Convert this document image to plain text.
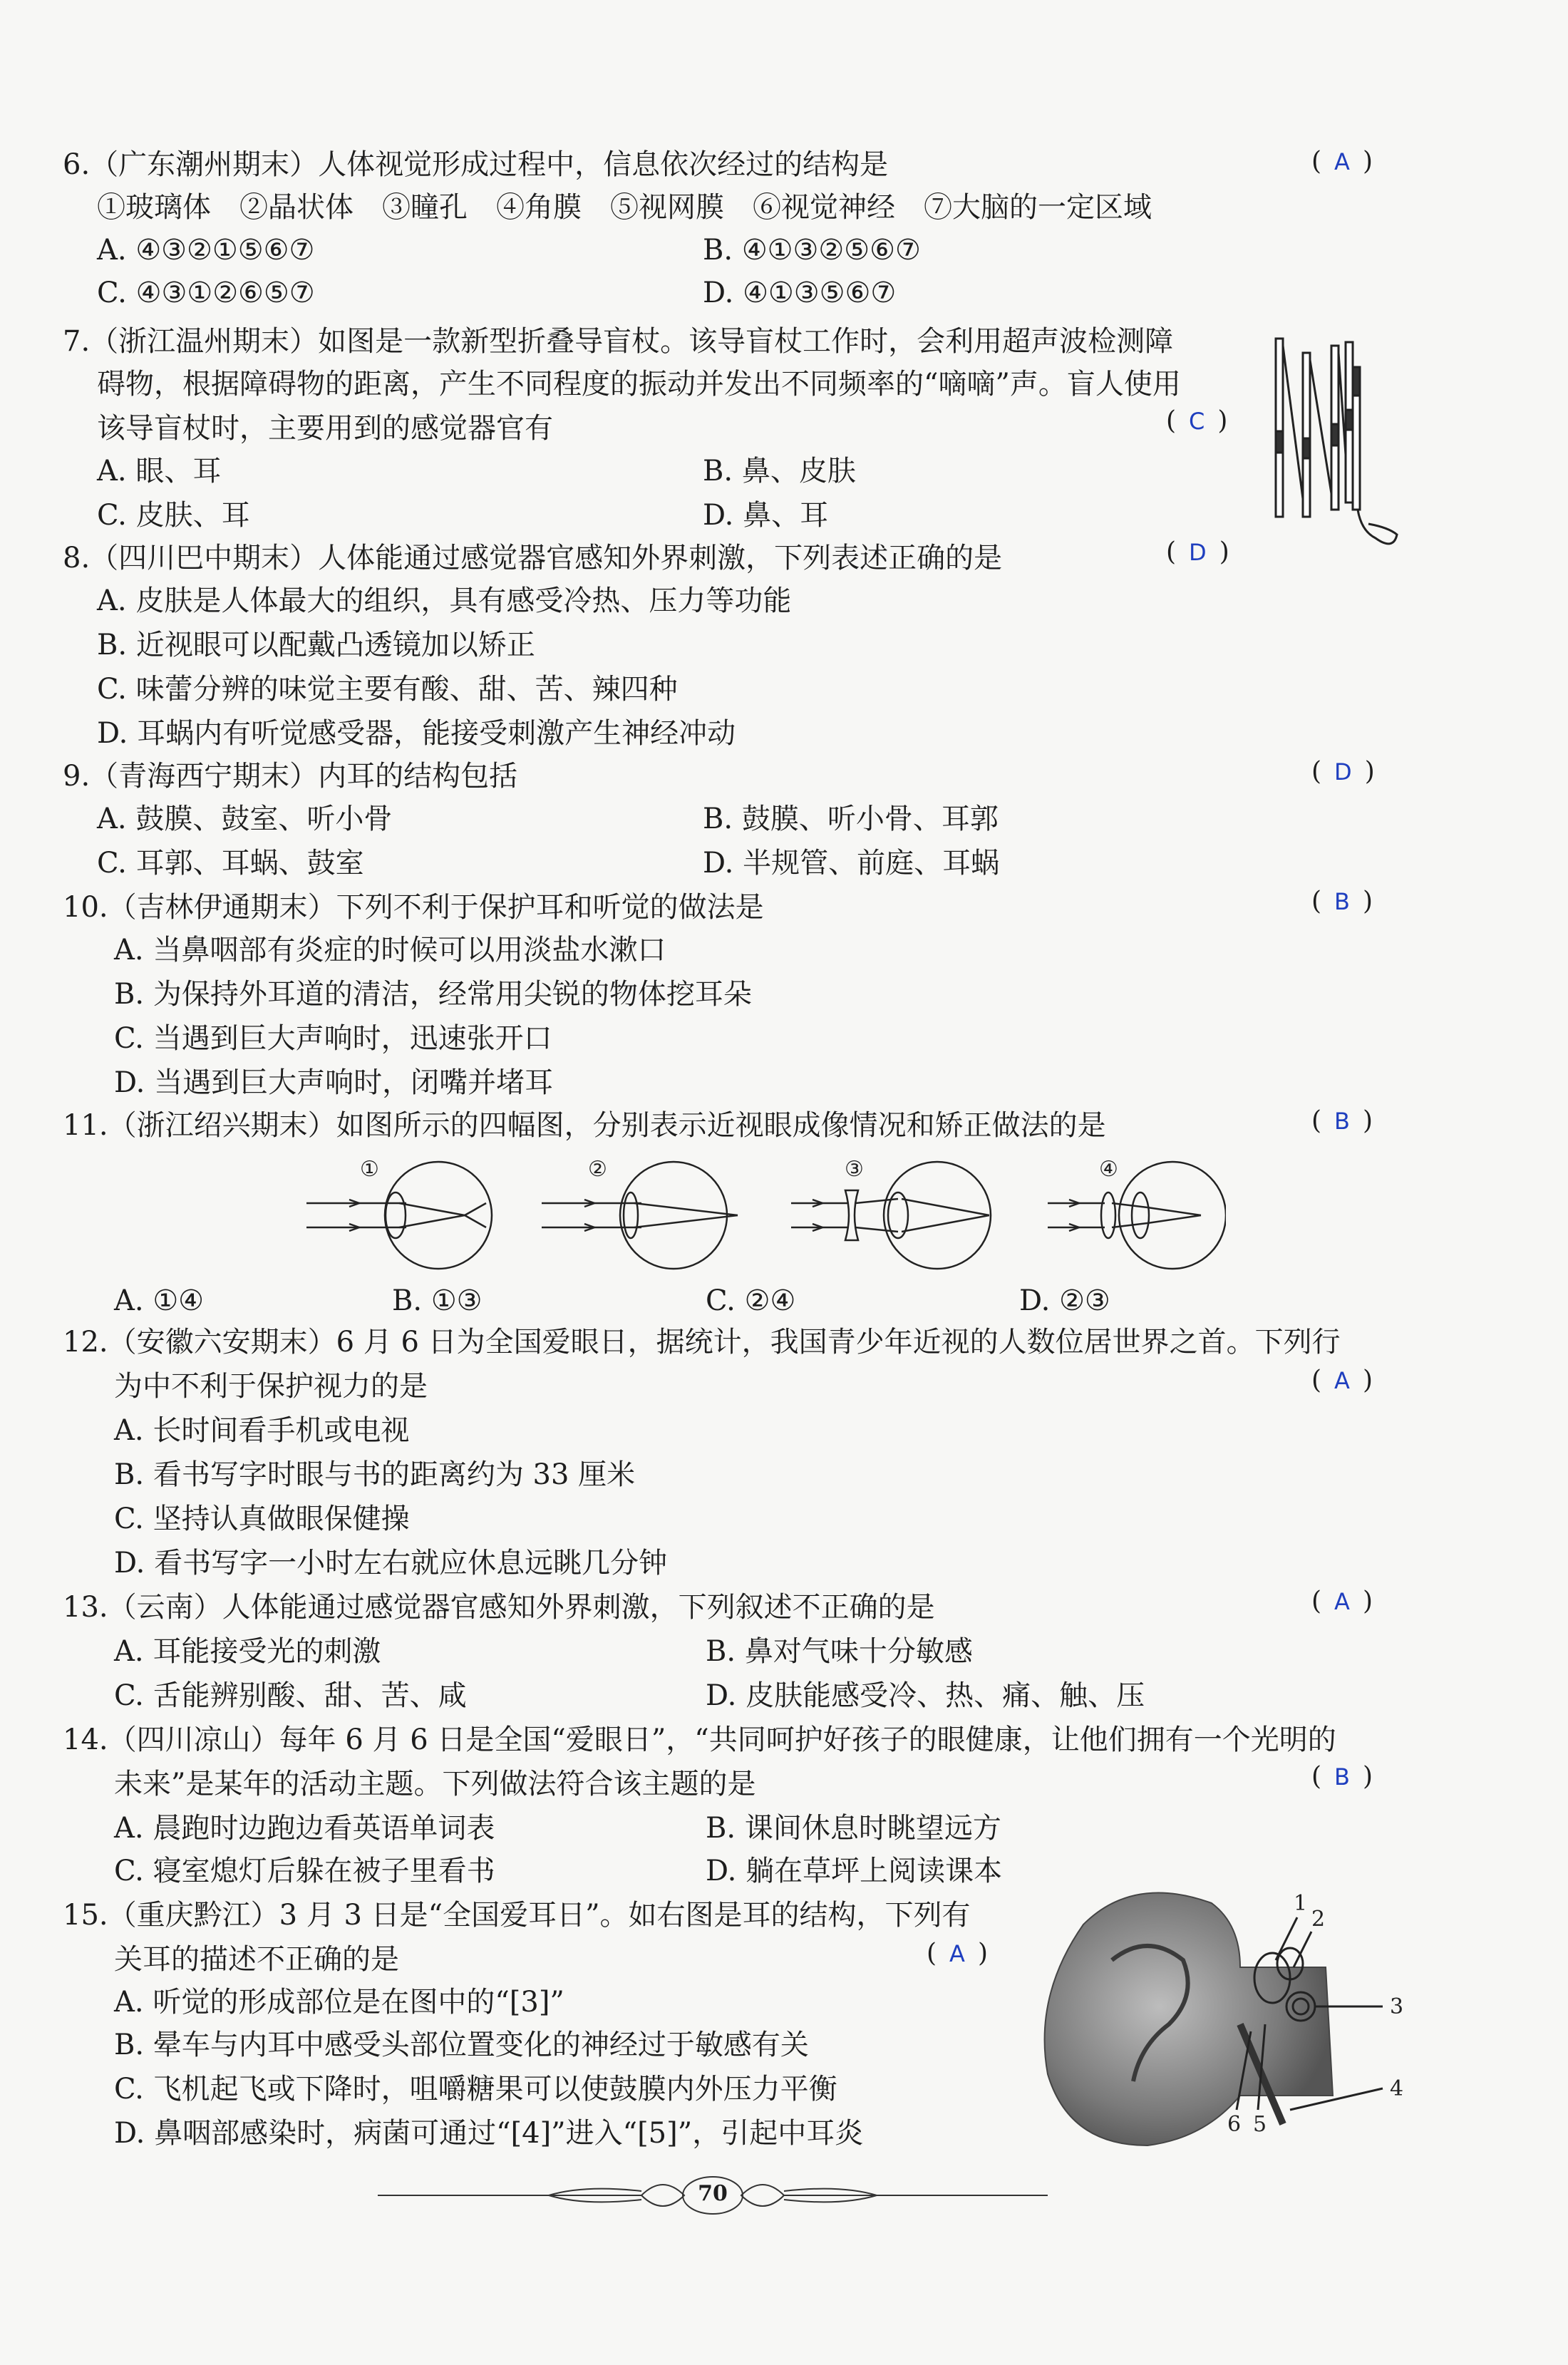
6.（广东潮州期末）人体视觉形成过程中，信息依次经过的结构是	( A )
①玻璃体　②晶状体　③瞳孔　④角膜　⑤视网膜　⑥视觉神经　⑦大脑的一定区域
A. ④③②①⑤⑥⑦	B. ④①③②⑤⑥⑦
C. ④③①②⑥⑤⑦	D. ④①③⑤⑥⑦
7.（浙江温州期末）如图是一款新型折叠导盲杖。该导盲杖工作时，会利用超声波检测障
碍物，根据障碍物的距离，产生不同程度的振动并发出不同频率的“嘀嘀”声。盲人使用
该导盲杖时，主要用到的感觉器官有	( C )
A. 眼、耳	B. 鼻、皮肤
C. 皮肤、耳	D. 鼻、耳
8.（四川巴中期末）人体能通过感觉器官感知外界刺激，下列表述正确的是	( D )
A. 皮肤是人体最大的组织，具有感受冷热、压力等功能
B. 近视眼可以配戴凸透镜加以矫正
C. 味蕾分辨的味觉主要有酸、甜、苦、辣四种
D. 耳蜗内有听觉感受器，能接受刺激产生神经冲动
9.（青海西宁期末）内耳的结构包括	( D )
A. 鼓膜、鼓室、听小骨	B. 鼓膜、听小骨、耳郭
C. 耳郭、耳蜗、鼓室	D. 半规管、前庭、耳蜗
10.（吉林伊通期末）下列不利于保护耳和听觉的做法是	( B )
A. 当鼻咽部有炎症的时候可以用淡盐水漱口
B. 为保持外耳道的清洁，经常用尖锐的物体挖耳朵
C. 当遇到巨大声响时，迅速张开口
D. 当遇到巨大声响时，闭嘴并堵耳
11.（浙江绍兴期末）如图所示的四幅图，分别表示近视眼成像情况和矫正做法的是	( B )
①	②	③	④
A. ①④	B. ①③	C. ②④	D. ②③
12.（安徽六安期末）6 月 6 日为全国爱眼日，据统计，我国青少年近视的人数位居世界之首。下列行
为中不利于保护视力的是	( A )
A. 长时间看手机或电视
B. 看书写字时眼与书的距离约为 33 厘米
C. 坚持认真做眼保健操
D. 看书写字一小时左右就应休息远眺几分钟
13.（云南）人体能通过感觉器官感知外界刺激，下列叙述不正确的是	( A )
A. 耳能接受光的刺激	B. 鼻对气味十分敏感
C. 舌能辨别酸、甜、苦、咸	D. 皮肤能感受冷、热、痛、触、压
14.（四川凉山）每年 6 月 6 日是全国“爱眼日”，“共同呵护好孩子的眼健康，让他们拥有一个光明的
未来”是某年的活动主题。下列做法符合该主题的是	( B )
A. 晨跑时边跑边看英语单词表	B. 课间休息时眺望远方
C. 寝室熄灯后躲在被子里看书	D. 躺在草坪上阅读课本
15.（重庆黔江）3 月 3 日是“全国爱耳日”。如右图是耳的结构，下列有
关耳的描述不正确的是	( A )
A. 听觉的形成部位是在图中的“[3]”
B. 晕车与内耳中感受头部位置变化的神经过于敏感有关
C. 飞机起飞或下降时，咀嚼糖果可以使鼓膜内外压力平衡
D. 鼻咽部感染时，病菌可通过“[4]”进入“[5]”，引起中耳炎
1
2
3
4
6 5
70
